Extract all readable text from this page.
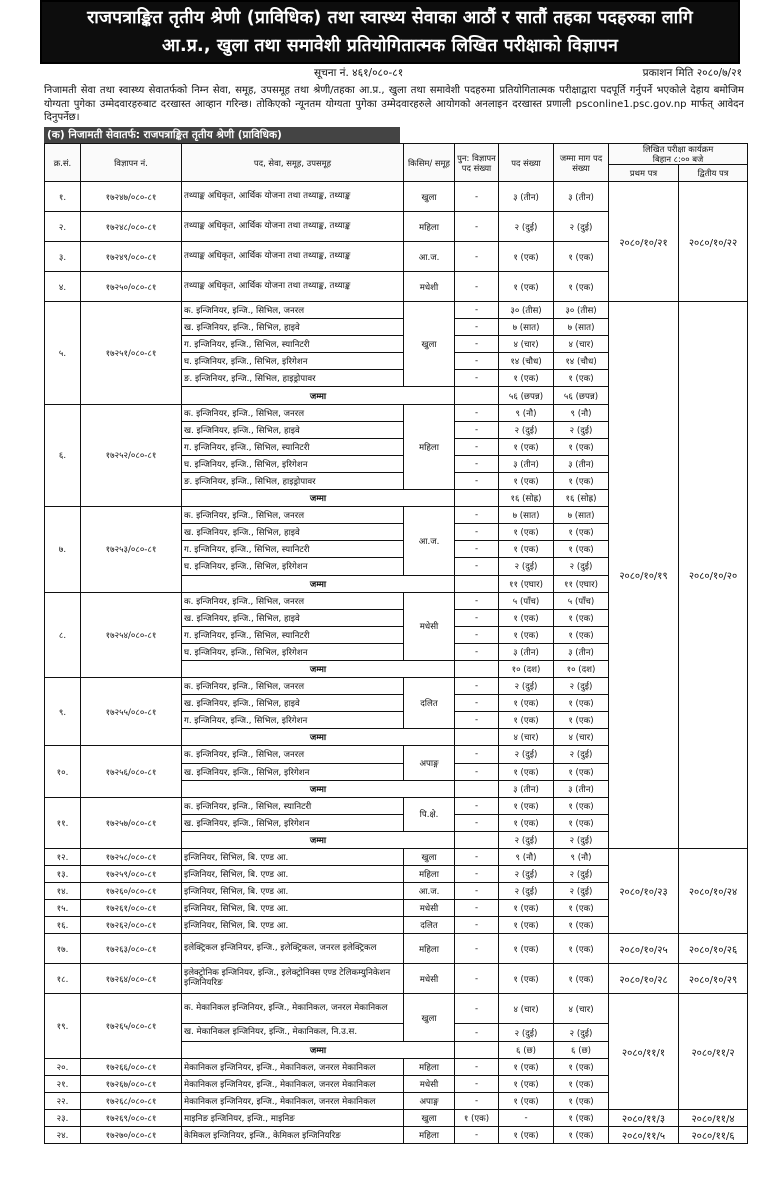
राजपत्राङ्कित तृतीय श्रेणी (प्राविधिक) तथा स्वास्थ्य सेवाका आठौं र सातौं तहका पदहरुका लागि
आ.प्र., खुला तथा समावेशी प्रतियोगितात्मक लिखित परीक्षाको विज्ञापन
सूचना नं. ४६१/०८०-८१	प्रकाशन मिति २०८०/७/२१
निजामती सेवा तथा स्वास्थ्य सेवातर्फको निम्न सेवा, समूह, उपसमूह तथा श्रेणी/तहका आ.प्र., खुला तथा समावेशी पदहरुमा प्रतियोगितात्मक परीक्षाद्वारा पदपूर्ति गर्नुपर्ने भएकोले देहाय बमोजिम योग्यता पुगेका उम्मेदवारहरुबाट दरखास्त आव्हान गरिन्छ। तोकिएको न्यूनतम योग्यता पुगेका उम्मेदवारहरुले आयोगको अनलाइन दरखास्त प्रणाली psconline1.psc.gov.np मार्फत् आवेदन दिनुपर्नेछ।
(क) निजामती सेवातर्फ: राजपत्राङ्कित तृतीय श्रेणी (प्राविधिक)
क्र.सं.	विज्ञापन नं.	पद, सेवा, समूह, उपसमूह	किसिम/ समूह	पुन: विज्ञापन पद संख्या	पद संख्या	जम्मा माग पद संख्या	लिखित परीक्षा कार्यक्रम
बिहान ८:०० बजे	

							प्रथम पत्र	द्वितीय पत्र
१.	१७२४७/०८०-८१	तथ्याङ्क अधिकृत, आर्थिक योजना तथा तथ्याङ्क, तथ्याङ्क	खुला	-	३ (तीन)	३ (तीन)	२०८०/१०/२१	२०८०/१०/२२
२.	१७२४८/०८०-८१	तथ्याङ्क अधिकृत, आर्थिक योजना तथा तथ्याङ्क, तथ्याङ्क	महिला	-	२ (दुई)	२ (दुई)		
३.	१७२४९/०८०-८१	तथ्याङ्क अधिकृत, आर्थिक योजना तथा तथ्याङ्क, तथ्याङ्क	आ.ज.	-	१ (एक)	१ (एक)		
४.	१७२५०/०८०-८१	तथ्याङ्क अधिकृत, आर्थिक योजना तथा तथ्याङ्क, तथ्याङ्क	मधेशी	-	१ (एक)	१ (एक)		
५.	१७२५१/०८०-८१	क. इन्जिनियर, इन्जि., सिभिल, जनरल	खुला	-	३० (तीस)	३० (तीस)	२०८०/१०/१९	२०८०/१०/२०
		ख. इन्जिनियर, इन्जि., सिभिल, हाइवे		-	७ (सात)	७ (सात)		
		ग. इन्जिनियर, इन्जि., सिभिल, स्यानिटरी		-	४ (चार)	४ (चार)		
		घ. इन्जिनियर, इन्जि., सिभिल, इरिगेशन		-	१४ (चौध)	१४ (चौध)		
		ङ. इन्जिनियर, इन्जि., सिभिल, हाइड्रोपावर		-	१ (एक)	१ (एक)		
		जम्मा			५६ (छपन्न)	५६ (छपन्न)		
६.	१७२५२/०८०-८१	क. इन्जिनियर, इन्जि., सिभिल, जनरल	महिला	-	९ (नौ)	९ (नौ)		
		ख. इन्जिनियर, इन्जि., सिभिल, हाइवे		-	२ (दुई)	२ (दुई)		
		ग. इन्जिनियर, इन्जि., सिभिल, स्यानिटरी		-	१ (एक)	१ (एक)		
		घ. इन्जिनियर, इन्जि., सिभिल, इरिगेशन		-	३ (तीन)	३ (तीन)		
		ङ. इन्जिनियर, इन्जि., सिभिल, हाइड्रोपावर		-	१ (एक)	१ (एक)		
		जम्मा			१६ (सोह्र)	१६ (सोह्र)		
७.	१७२५३/०८०-८१	क. इन्जिनियर, इन्जि., सिभिल, जनरल	आ.ज.	-	७ (सात)	७ (सात)		
		ख. इन्जिनियर, इन्जि., सिभिल, हाइवे		-	१ (एक)	१ (एक)		
		ग. इन्जिनियर, इन्जि., सिभिल, स्यानिटरी		-	१ (एक)	१ (एक)		
		घ. इन्जिनियर, इन्जि., सिभिल, इरिगेशन		-	२ (दुई)	२ (दुई)		
		जम्मा			११ (एघार)	११ (एघार)		
८.	१७२५४/०८०-८१	क. इन्जिनियर, इन्जि., सिभिल, जनरल	मधेसी	-	५ (पाँच)	५ (पाँच)		
		ख. इन्जिनियर, इन्जि., सिभिल, हाइवे		-	१ (एक)	१ (एक)		
		ग. इन्जिनियर, इन्जि., सिभिल, स्यानिटरी		-	१ (एक)	१ (एक)		
		घ. इन्जिनियर, इन्जि., सिभिल, इरिगेशन		-	३ (तीन)	३ (तीन)		
		जम्मा			१० (दश)	१० (दश)		
९.	१७२५५/०८०-८१	क. इन्जिनियर, इन्जि., सिभिल, जनरल	दलित	-	२ (दुई)	२ (दुई)		
		ख. इन्जिनियर, इन्जि., सिभिल, हाइवे		-	१ (एक)	१ (एक)		
		ग. इन्जिनियर, इन्जि., सिभिल, इरिगेशन		-	१ (एक)	१ (एक)		
		जम्मा			४ (चार)	४ (चार)		
१०.	१७२५६/०८०-८१	क. इन्जिनियर, इन्जि., सिभिल, जनरल	अपाङ्ग	-	२ (दुई)	२ (दुई)		
		ख. इन्जिनियर, इन्जि., सिभिल, इरिगेशन		-	१ (एक)	१ (एक)		
		जम्मा			३ (तीन)	३ (तीन)		
११.	१७२५७/०८०-८१	क. इन्जिनियर, इन्जि., सिभिल, स्यानिटरी	पि.क्षे.	-	१ (एक)	१ (एक)		
		ख. इन्जिनियर, इन्जि., सिभिल, इरिगेशन		-	१ (एक)	१ (एक)		
		जम्मा			२ (दुई)	२ (दुई)		
१२.	१७२५८/०८०-८१	इन्जिनियर, सिभिल, बि. एण्ड आ.	खुला	-	९ (नौ)	९ (नौ)	२०८०/१०/२३	२०८०/१०/२४
१३.	१७२५९/०८०-८१	इन्जिनियर, सिभिल, बि. एण्ड आ.	महिला	-	२ (दुई)	२ (दुई)		
१४.	१७२६०/०८०-८१	इन्जिनियर, सिभिल, बि. एण्ड आ.	आ.ज.	-	२ (दुई)	२ (दुई)		
१५.	१७२६१/०८०-८१	इन्जिनियर, सिभिल, बि. एण्ड आ.	मधेसी	-	१ (एक)	१ (एक)		
१६.	१७२६२/०८०-८१	इन्जिनियर, सिभिल, बि. एण्ड आ.	दलित	-	१ (एक)	१ (एक)		
१७.	१७२६३/०८०-८१	इलेक्ट्रिकल इन्जिनियर, इन्जि., इलेक्ट्रिकल, जनरल इलेक्ट्रिकल	महिला	-	१ (एक)	१ (एक)	२०८०/१०/२५	२०८०/१०/२६
१८.	१७२६४/०८०-८१	इलेक्ट्रोनिक इन्जिनियर, इन्जि., इलेक्ट्रोनिक्स एण्ड टेलिकम्युनिकेशन इन्जिनियरिङ	मधेसी	-	१ (एक)	१ (एक)	२०८०/१०/२८	२०८०/१०/२९
१९.	१७२६५/०८०-८१	क. मेकानिकल इन्जिनियर, इन्जि., मेकानिकल, जनरल मेकानिकल	खुला	-	४ (चार)	४ (चार)	२०८०/११/१	२०८०/११/२
		ख. मेकानिकल इन्जिनियर, इन्जि., मेकानिकल, नि.उ.स.		-	२ (दुई)	२ (दुई)		
		जम्मा			६ (छ)	६ (छ)		
२०.	१७२६६/०८०-८१	मेकानिकल इन्जिनियर, इन्जि., मेकानिकल, जनरल मेकानिकल	महिला	-	१ (एक)	१ (एक)		
२१.	१७२६७/०८०-८१	मेकानिकल इन्जिनियर, इन्जि., मेकानिकल, जनरल मेकानिकल	मधेसी	-	१ (एक)	१ (एक)		
२२.	१७२६८/०८०-८१	मेकानिकल इन्जिनियर, इन्जि., मेकानिकल, जनरल मेकानिकल	अपाङ्ग	-	१ (एक)	१ (एक)		
२३.	१७२६९/०८०-८१	माइनिङ इन्जिनियर, इन्जि., माइनिङ	खुला	१ (एक)	-	१ (एक)	२०८०/११/३	२०८०/११/४
२४.	१७२७०/०८०-८१	केमिकल इन्जिनियर, इन्जि., केमिकल इन्जिनियरिङ	महिला	-	१ (एक)	१ (एक)	२०८०/११/५	२०८०/११/६
